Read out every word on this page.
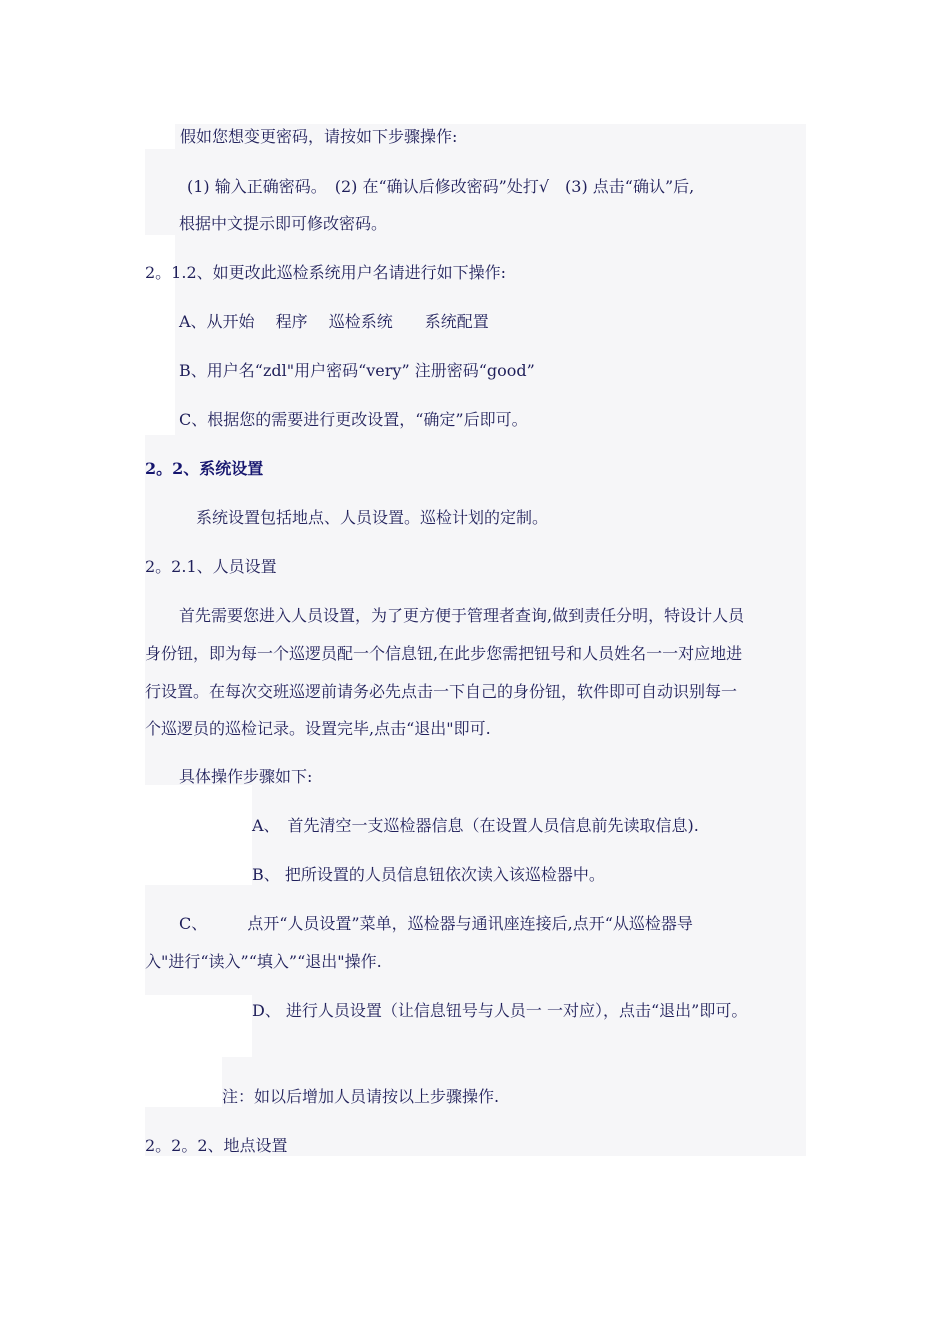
假如您想变更密码，请按如下步骤操作:
(1) 输入正确密码。　(2) 在“确认后修改密码”处打√　(3) 点击“确认”后,
根据中文提示即可修改密码。
2。1.2、如更改此巡检系统用户名请进行如下操作:
A、从开始　 程序　 巡检系统　　系统配置
B、用户名“zdl"用户密码“very” 注册密码“good”
C、根据您的需要进行更改设置，“确定”后即可。
2。2、系统设置
系统设置包括地点、人员设置。巡检计划的定制。
2。2.1、人员设置
首先需要您进入人员设置，为了更方便于管理者查询,做到责任分明，特设计人员
身份钮，即为每一个巡逻员配一个信息钮,在此步您需把钮号和人员姓名一一对应地进
行设置。在每次交班巡逻前请务必先点击一下自己的身份钮，软件即可自动识别每一
个巡逻员的巡检记录。设置完毕,点击“退出"即可.
具体操作步骤如下:
A、　首先清空一支巡检器信息（在设置人员信息前先读取信息).
B、 把所设置的人员信息钮依次读入该巡检器中。
C、　　　点开“人员设置”菜单，巡检器与通讯座连接后,点开“从巡检器导
入"进行“读入”“填入”“退出"操作.
D、 进行人员设置（让信息钮号与人员一 一对应），点击“退出”即可。
注：如以后增加人员请按以上步骤操作.
2。2。2、地点设置
